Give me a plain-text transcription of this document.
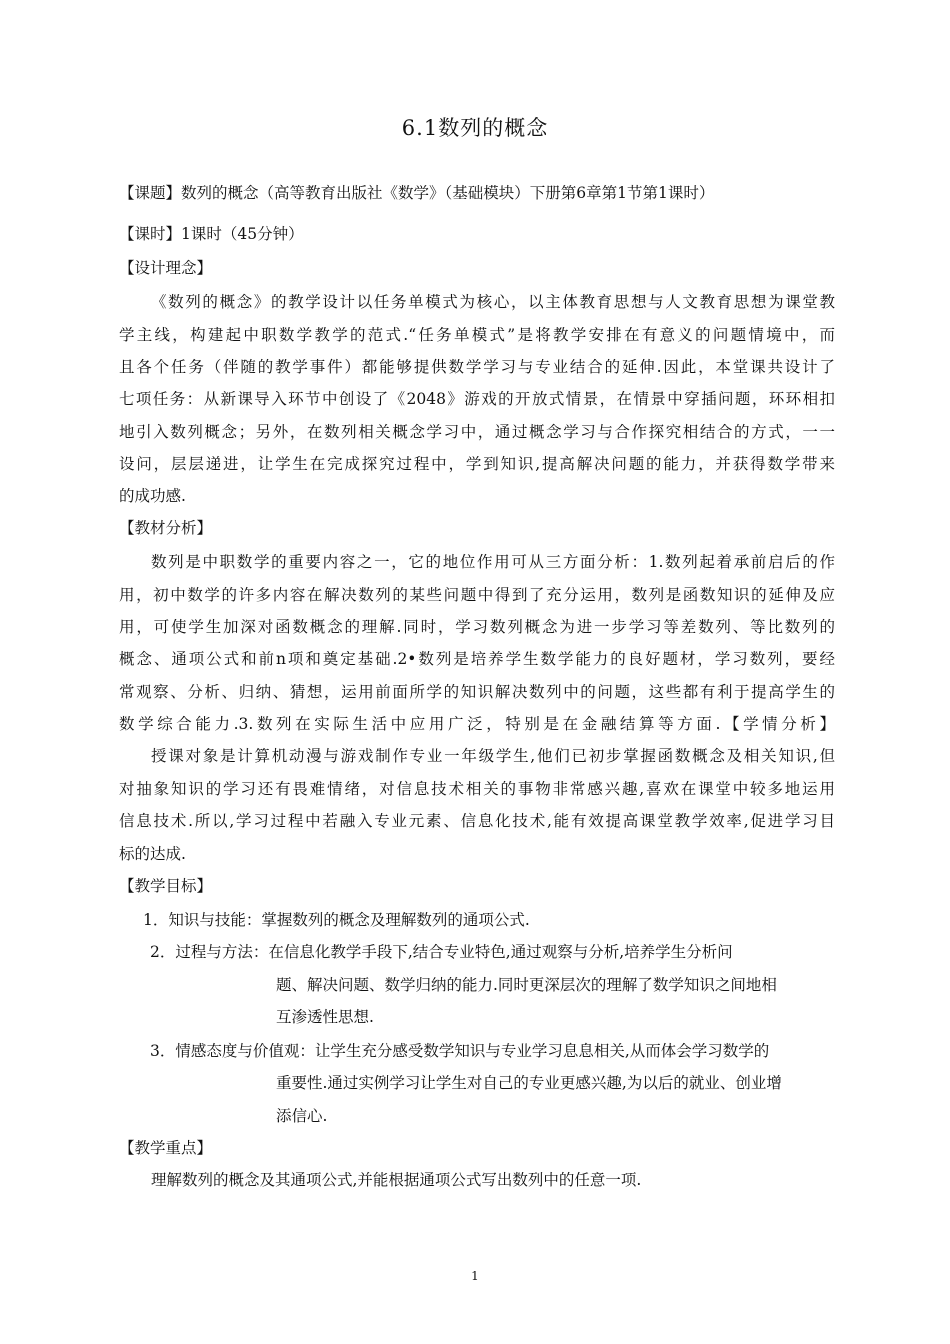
6.1数列的概念
【课题】数列的概念（高等教育出版社《数学》（基础模块）下册第6章第1节第1课时）
【课时】1课时（45分钟）
【设计理念】
《数列的概念》的教学设计以任务单模式为核心，以主体教育思想与人文教育思想为课堂教
学主线，构建起中职数学教学的范式.“任务单模式”是将教学安排在有意义的问题情境中，而
且各个任务（伴随的教学事件）都能够提供数学学习与专业结合的延伸.因此，本堂课共设计了
七项任务：从新课导入环节中创设了《2048》游戏的开放式情景，在情景中穿插问题，环环相扣
地引入数列概念；另外，在数列相关概念学习中，通过概念学习与合作探究相结合的方式，一一
设问，层层递进，让学生在完成探究过程中，学到知识,提高解决问题的能力，并获得数学带来
的成功感.
【教材分析】
数列是中职数学的重要内容之一，它的地位作用可从三方面分析：1.数列起着承前启后的作
用，初中数学的许多内容在解决数列的某些问题中得到了充分运用，数列是函数知识的延伸及应
用，可使学生加深对函数概念的理解.同时，学习数列概念为进一步学习等差数列、等比数列的
概念、通项公式和前n项和奠定基础.2•数列是培养学生数学能力的良好题材，学习数列，要经
常观察、分析、归纳、猜想，运用前面所学的知识解决数列中的问题，这些都有利于提高学生的
数学综合能力.3.数列在实际生活中应用广泛，特别是在金融结算等方面.【学情分析】
授课对象是计算机动漫与游戏制作专业一年级学生,他们已初步掌握函数概念及相关知识,但
对抽象知识的学习还有畏难情绪，对信息技术相关的事物非常感兴趣,喜欢在课堂中较多地运用
信息技术.所以,学习过程中若融入专业元素、信息化技术,能有效提高课堂教学效率,促进学习目
标的达成.
【教学目标】
1．知识与技能：掌握数列的概念及理解数列的通项公式.
2．过程与方法：在信息化教学手段下,结合专业特色,通过观察与分析,培养学生分析问
题、解决问题、数学归纳的能力.同时更深层次的理解了数学知识之间地相
互渗透性思想.
3．情感态度与价值观：让学生充分感受数学知识与专业学习息息相关,从而体会学习数学的
重要性.通过实例学习让学生对自己的专业更感兴趣,为以后的就业、创业增
添信心.
【教学重点】
理解数列的概念及其通项公式,并能根据通项公式写出数列中的任意一项.
1
